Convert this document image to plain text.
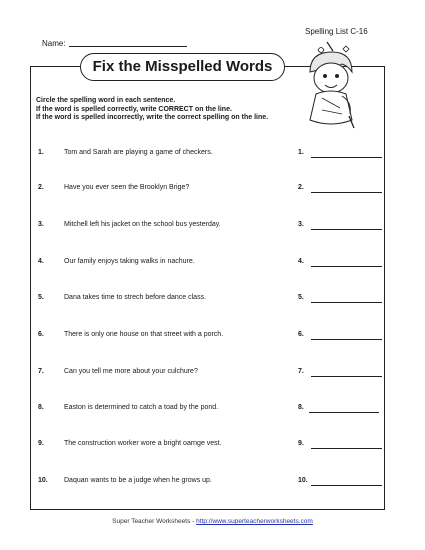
Spelling List C-16
Name:
Fix the Misspelled Words
Circle the spelling word in each sentence.
If the word is spelled correctly, write CORRECT on the line.
If the word is spelled incorrectly, write the correct spelling on the line.
1.	Tom and Sarah are playing a game of checkers.	1.
2.	Have you ever seen the Brooklyn Brige?	2.
3.	Mitchell left his jacket on the school bus yesterday.	3.
4.	Our family enjoys taking walks in nachure.	4.
5.	Dana takes time to strech before dance class.	5.
6.	There is only one house on that street with a porch.	6.
7.	Can you tell me more about your culchure?	7.
8.	Easton is determined to catch a toad by the pond.	8.
9.	The construction worker wore a bright oarnge vest.	9.
10. Daquan wants to be a judge when he grows up.	10.
Super Teacher Worksheets - http://www.superteacherworksheets.com
